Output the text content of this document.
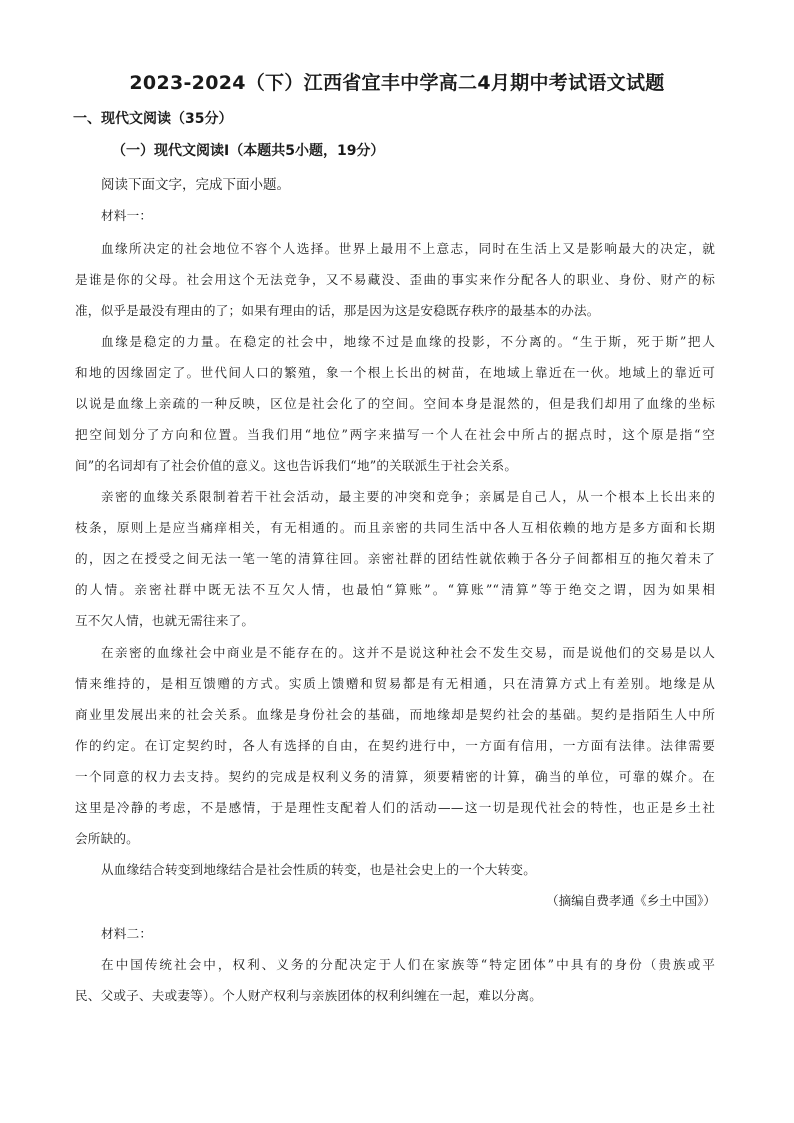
2023-2024（下）江西省宜丰中学高二4月期中考试语文试题
一、现代文阅读（35分）
（一）现代文阅读Ⅰ（本题共5小题，19分）
阅读下面文字，完成下面小题。
材料一：
血缘所决定的社会地位不容个人选择。世界上最用不上意志，同时在生活上又是影响最大的决定，就
是谁是你的父母。社会用这个无法竞争，又不易藏没、歪曲的事实来作分配各人的职业、身份、财产的标
准，似乎是最没有理由的了；如果有理由的话，那是因为这是安稳既存秩序的最基本的办法。
血缘是稳定的力量。在稳定的社会中，地缘不过是血缘的投影，不分离的。“生于斯，死于斯”把人
和地的因缘固定了。世代间人口的繁殖，象一个根上长出的树苗，在地域上靠近在一伙。地域上的靠近可
以说是血缘上亲疏的一种反映，区位是社会化了的空间。空间本身是混然的，但是我们却用了血缘的坐标
把空间划分了方向和位置。当我们用“地位”两字来描写一个人在社会中所占的据点时，这个原是指“空
间”的名词却有了社会价值的意义。这也告诉我们“地”的关联派生于社会关系。
亲密的血缘关系限制着若干社会活动，最主要的冲突和竞争；亲属是自己人，从一个根本上长出来的
枝条，原则上是应当痛痒相关，有无相通的。而且亲密的共同生活中各人互相依赖的地方是多方面和长期
的，因之在授受之间无法一笔一笔的清算往回。亲密社群的团结性就依赖于各分子间都相互的拖欠着未了
的人情。亲密社群中既无法不互欠人情，也最怕“算账”。“算账”“清算”等于绝交之谓，因为如果相
互不欠人情，也就无需往来了。
在亲密的血缘社会中商业是不能存在的。这并不是说这种社会不发生交易，而是说他们的交易是以人
情来维持的，是相互馈赠的方式。实质上馈赠和贸易都是有无相通，只在清算方式上有差别。地缘是从
商业里发展出来的社会关系。血缘是身份社会的基础，而地缘却是契约社会的基础。契约是指陌生人中所
作的约定。在订定契约时，各人有选择的自由，在契约进行中，一方面有信用，一方面有法律。法律需要
一个同意的权力去支持。契约的完成是权利义务的清算，须要精密的计算，确当的单位，可靠的媒介。在
这里是冷静的考虑，不是感情，于是理性支配着人们的活动——这一切是现代社会的特性，也正是乡土社
会所缺的。
从血缘结合转变到地缘结合是社会性质的转变，也是社会史上的一个大转变。
（摘编自费孝通《乡土中国》）
材料二：
在中国传统社会中，权利、义务的分配决定于人们在家族等“特定团体”中具有的身份（贵族或平
民、父或子、夫或妻等）。个人财产权利与亲族团体的权利纠缠在一起，难以分离。
